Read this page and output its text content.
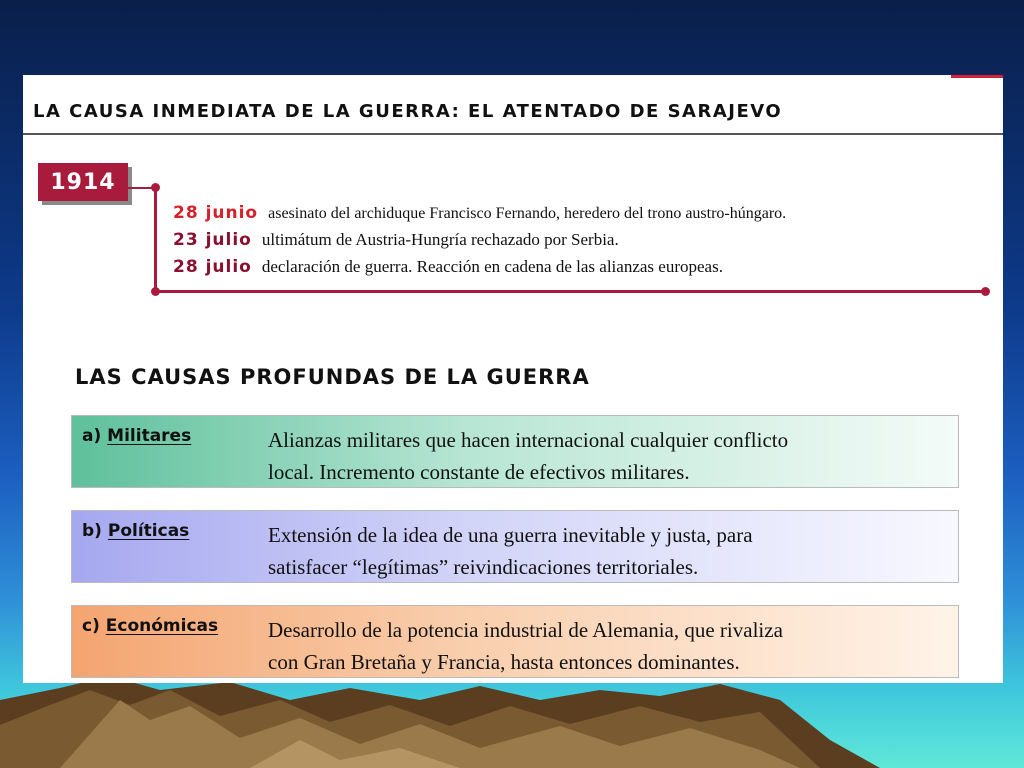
LA CAUSA INMEDIATA DE LA GUERRA: EL ATENTADO DE SARAJEVO
1914
28 junio asesinato del archiduque Francisco Fernando, heredero del trono austro-húngaro.
23 julio ultimátum de Austria-Hungría rechazado por Serbia.
28 julio declaración de guerra. Reacción en cadena de las alianzas europeas.
LAS CAUSAS PROFUNDAS DE LA GUERRA
a) Militares	Alianzas militares que hacen internacional cualquier conflicto
local. Incremento constante de efectivos militares.
b) Políticas	Extensión de la idea de una guerra inevitable y justa, para
satisfacer “legítimas” reivindicaciones territoriales.
c) Económicas	Desarrollo de la potencia industrial de Alemania, que rivaliza
con Gran Bretaña y Francia, hasta entonces dominantes.
